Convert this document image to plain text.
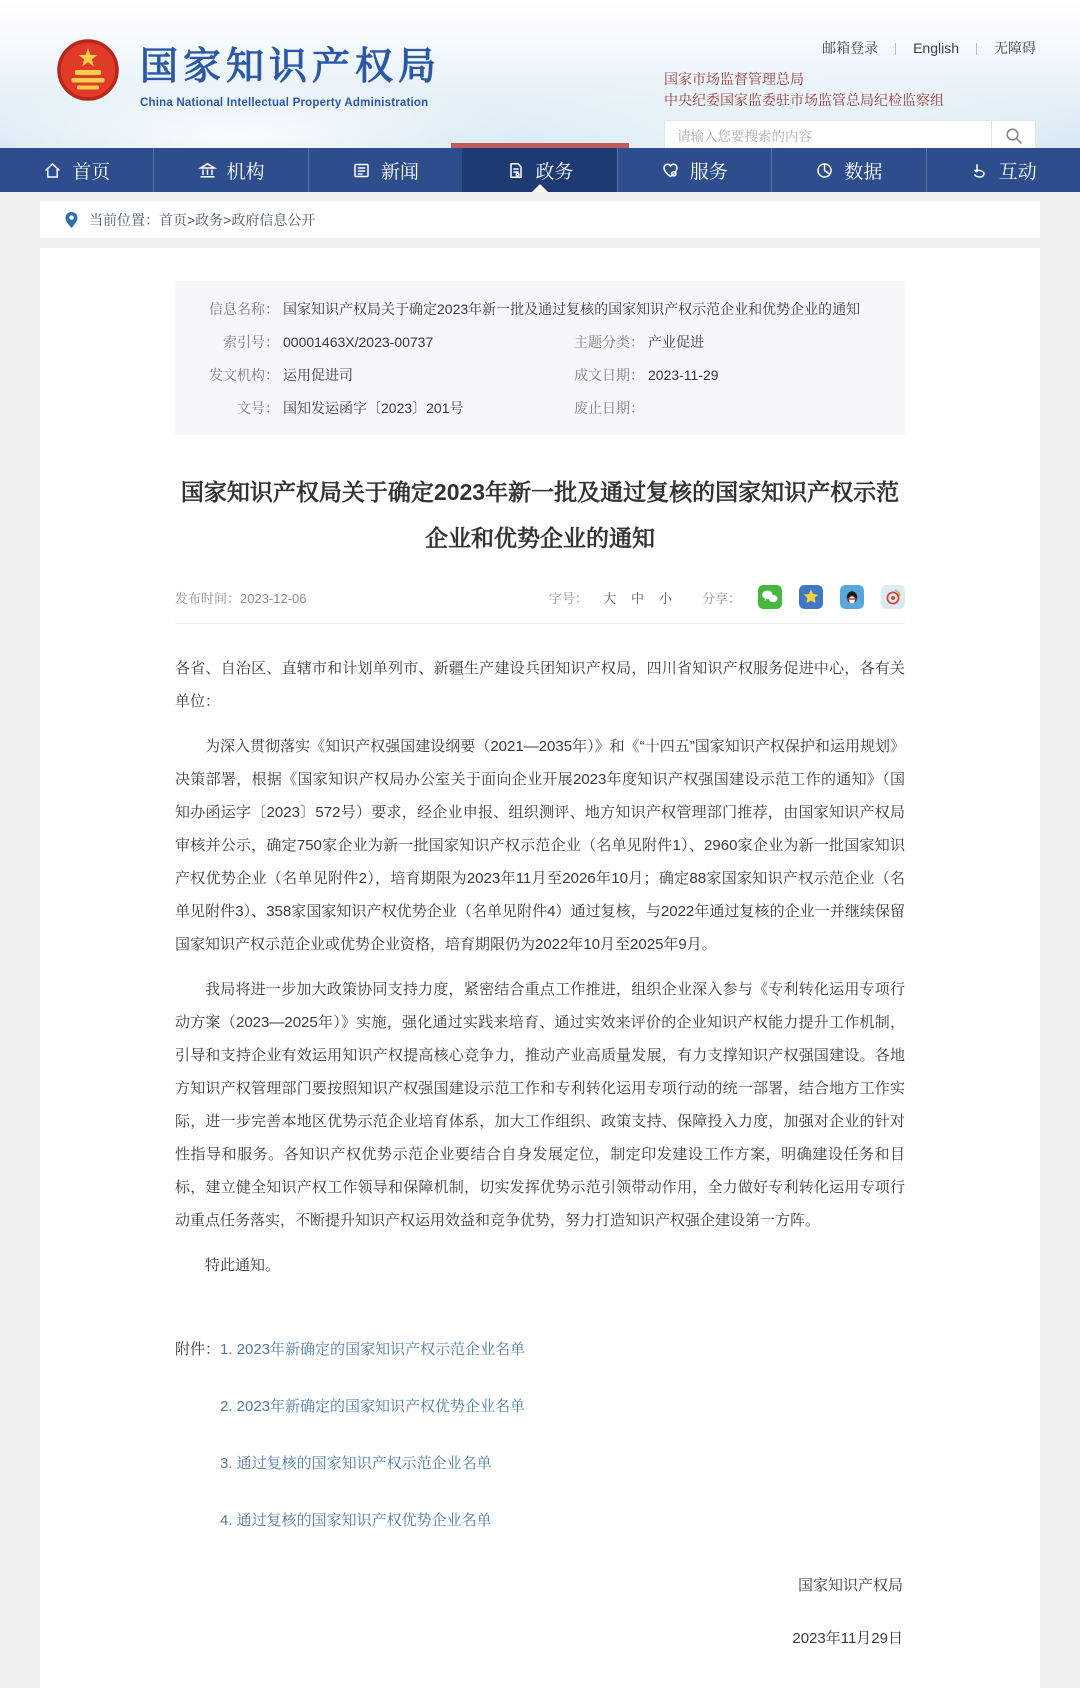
国家知识产权局
China National Intellectual Property Administration
邮箱登录	English	无障碍
国家市场监督管理总局
中央纪委国家监委驻市场监管总局纪检监察组
请输入您要搜索的内容
首页	机构	新闻	政务	服务	数据	互动
当前位置： 首页>政务>政府信息公开
信息名称： 国家知识产权局关于确定2023年新一批及通过复核的国家知识产权示范企业和优势企业的通知
索引号： 00001463X/2023-00737	主题分类： 产业促进
发文机构： 运用促进司	成文日期： 2023-11-29
文号： 国知发运函字〔2023〕201号	废止日期：
国家知识产权局关于确定2023年新一批及通过复核的国家知识产权示范企业和优势企业的通知
发布时间：2023-12-06	字号： 大 中 小 分享：

各省、自治区、直辖市和计划单列市、新疆生产建设兵团知识产权局，四川省知识产权服务促进中心，各有关单位：

为深入贯彻落实《知识产权强国建设纲要（2021—2035年）》和《“十四五”国家知识产权保护和运用规划》决策部署，根据《国家知识产权局办公室关于面向企业开展2023年度知识产权强国建设示范工作的通知》（国知办函运字〔2023〕572号）要求，经企业申报、组织测评、地方知识产权管理部门推荐，由国家知识产权局审核并公示，确定750家企业为新一批国家知识产权示范企业（名单见附件1）、2960家企业为新一批国家知识产权优势企业（名单见附件2），培育期限为2023年11月至2026年10月；确定88家国家知识产权示范企业（名单见附件3）、358家国家知识产权优势企业（名单见附件4）通过复核，与2022年通过复核的企业一并继续保留国家知识产权示范企业或优势企业资格，培育期限仍为2022年10月至2025年9月。

我局将进一步加大政策协同支持力度，紧密结合重点工作推进，组织企业深入参与《专利转化运用专项行动方案（2023—2025年）》实施，强化通过实践来培育、通过实效来评价的企业知识产权能力提升工作机制，引导和支持企业有效运用知识产权提高核心竞争力，推动产业高质量发展，有力支撑知识产权强国建设。各地方知识产权管理部门要按照知识产权强国建设示范工作和专利转化运用专项行动的统一部署，结合地方工作实际，进一步完善本地区优势示范企业培育体系，加大工作组织、政策支持、保障投入力度，加强对企业的针对性指导和服务。各知识产权优势示范企业要结合自身发展定位，制定印发建设工作方案，明确建设任务和目标，建立健全知识产权工作领导和保障机制，切实发挥优势示范引领带动作用，全力做好专利转化运用专项行动重点任务落实，不断提升知识产权运用效益和竞争优势，努力打造知识产权强企建设第一方阵。

特此通知。

附件： 1. 2023年新确定的国家知识产权示范企业名单
2. 2023年新确定的国家知识产权优势企业名单
3. 通过复核的国家知识产权示范企业名单
4. 通过复核的国家知识产权优势企业名单
国家知识产权局
2023年11月29日
